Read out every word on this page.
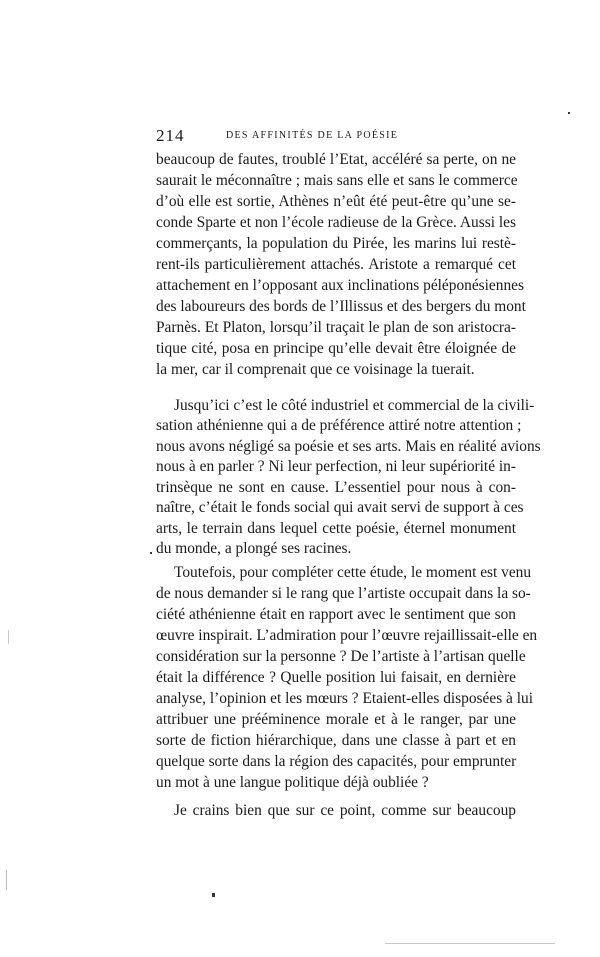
214	DES AFFINITÉS DE LA POÉSIE
beaucoup de fautes, troublé l’Etat, accéléré sa perte, on ne
saurait le méconnaître ; mais sans elle et sans le commerce
d’où elle est sortie, Athènes n’eût été peut-être qu’une se-
conde Sparte et non l’école radieuse de la Grèce. Aussi les
commerçants, la population du Pirée, les marins lui restè-
rent-ils particulièrement attachés. Aristote a remarqué cet
attachement en l’opposant aux inclinations péléponésiennes
des laboureurs des bords de l’Illissus et des bergers du mont
Parnès. Et Platon, lorsqu’il traçait le plan de son aristocra-
tique cité, posa en principe qu’elle devait être éloignée de
la mer, car il comprenait que ce voisinage la tuerait.
Jusqu’ici c’est le côté industriel et commercial de la civili-
sation athénienne qui a de préférence attiré notre attention ;
nous avons négligé sa poésie et ses arts. Mais en réalité avions
nous à en parler ? Ni leur perfection, ni leur supériorité in-
trinsèque ne sont en cause. L’essentiel pour nous à con-
naître, c’était le fonds social qui avait servi de support à ces
arts, le terrain dans lequel cette poésie, éternel monument
du monde, a plongé ses racines.
Toutefois, pour compléter cette étude, le moment est venu
de nous demander si le rang que l’artiste occupait dans la so-
ciété athénienne était en rapport avec le sentiment que son
œuvre inspirait. L’admiration pour l’œuvre rejaillissait-elle en
considération sur la personne ? De l’artiste à l’artisan quelle
était la différence ? Quelle position lui faisait, en dernière
analyse, l’opinion et les mœurs ? Etaient-elles disposées à lui
attribuer une prééminence morale et à le ranger, par une
sorte de fiction hiérarchique, dans une classe à part et en
quelque sorte dans la région des capacités, pour emprunter
un mot à une langue politique déjà oubliée ?
Je crains bien que sur ce point, comme sur beaucoup
